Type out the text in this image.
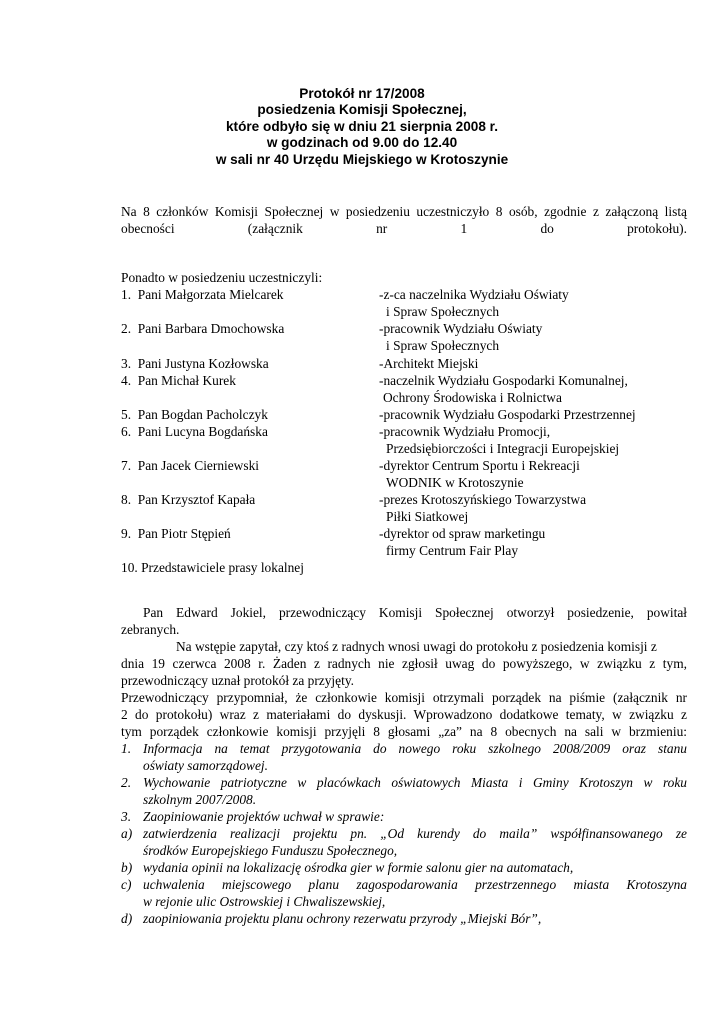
Protokół nr 17/2008
posiedzenia Komisji Społecznej,
które odbyło się w dniu 21 sierpnia 2008 r.
w godzinach od 9.00 do 12.40
w sali nr 40 Urzędu Miejskiego w Krotoszynie
Na 8 członków Komisji Społecznej w posiedzeniu uczestniczyło 8 osób, zgodnie z załączoną listą obecności (załącznik nr 1 do protokołu).
Ponadto w posiedzeniu uczestniczyli:
1. Pani Małgorzata Mielcarek	-z-ca naczelnika Wydziału Oświaty
i Spraw Społecznych
2. Pani Barbara Dmochowska	-pracownik Wydziału Oświaty
i Spraw Społecznych
3. Pani Justyna Kozłowska	-Architekt Miejski
4. Pan Michał Kurek	-naczelnik Wydziału Gospodarki Komunalnej,
Ochrony Środowiska i Rolnictwa
5. Pan Bogdan Pacholczyk	-pracownik Wydziału Gospodarki Przestrzennej
6. Pani Lucyna Bogdańska	-pracownik Wydziału Promocji,
Przedsiębiorczości i Integracji Europejskiej
7. Pan Jacek Cierniewski	-dyrektor Centrum Sportu i Rekreacji
WODNIK w Krotoszynie
8. Pan Krzysztof Kapała	-prezes Krotoszyńskiego Towarzystwa
Piłki Siatkowej
9. Pan Piotr Stępień	-dyrektor od spraw marketingu
firmy Centrum Fair Play
10. Przedstawiciele prasy lokalnej
Pan Edward Jokiel, przewodniczący Komisji Społecznej otworzył posiedzenie, powitał
zebranych.
Na wstępie zapytał, czy ktoś z radnych wnosi uwagi do protokołu z posiedzenia komisji z
dnia 19 czerwca 2008 r. Żaden z radnych nie zgłosił uwag do powyższego, w związku z tym,
przewodniczący uznał protokół za przyjęty.
Przewodniczący przypomniał, że członkowie komisji otrzymali porządek na piśmie (załącznik nr
2 do protokołu) wraz z materiałami do dyskusji. Wprowadzono dodatkowe tematy, w związku z
tym porządek członkowie komisji przyjęli 8 głosami „za” na 8 obecnych na sali w brzmieniu:
1. Informacja na temat przygotowania do nowego roku szkolnego 2008/2009 oraz stanu
oświaty samorządowej.
2. Wychowanie patriotyczne w placówkach oświatowych Miasta i Gminy Krotoszyn w roku
szkolnym 2007/2008.
3. Zaopiniowanie projektów uchwał w sprawie:
a) zatwierdzenia realizacji projektu pn. „Od kurendy do maila” współfinansowanego ze
środków Europejskiego Funduszu Społecznego,
b) wydania opinii na lokalizację ośrodka gier w formie salonu gier na automatach,
c) uchwalenia miejscowego planu zagospodarowania przestrzennego miasta Krotoszyna
w rejonie ulic Ostrowskiej i Chwaliszewskiej,
d) zaopiniowania projektu planu ochrony rezerwatu przyrody „Miejski Bór”,
